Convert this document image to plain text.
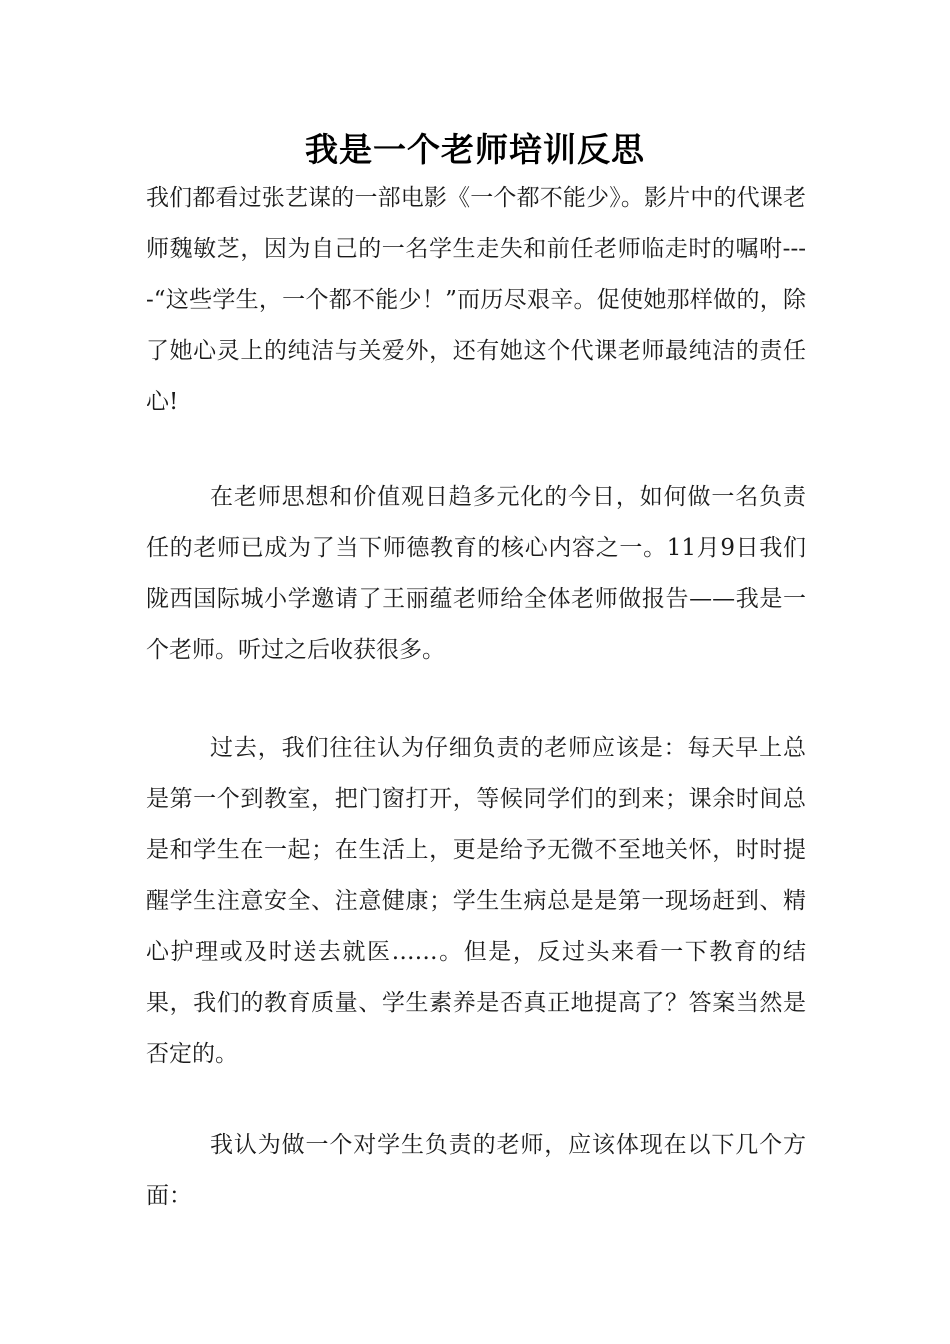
我是一个老师培训反思

我们都看过张艺谋的一部电影《一个都不能少》。影片中的代课老师魏敏芝，因为自己的一名学生走失和前任老师临走时的嘱咐----“这些学生，一个都不能少！”而历尽艰辛。促使她那样做的，除了她心灵上的纯洁与关爱外，还有她这个代课老师最纯洁的责任心!

在老师思想和价值观日趋多元化的今日，如何做一名负责任的老师已成为了当下师德教育的核心内容之一。11月9日我们陇西国际城小学邀请了王丽蕴老师给全体老师做报告——我是一个老师。听过之后收获很多。

过去，我们往往认为仔细负责的老师应该是：每天早上总是第一个到教室，把门窗打开，等候同学们的到来；课余时间总是和学生在一起；在生活上，更是给予无微不至地关怀，时时提醒学生注意安全、注意健康；学生生病总是是第一现场赶到、精心护理或及时送去就医……。但是，反过头来看一下教育的结果，我们的教育质量、学生素养是否真正地提高了？答案当然是否定的。

我认为做一个对学生负责的老师，应该体现在以下几个方面：
